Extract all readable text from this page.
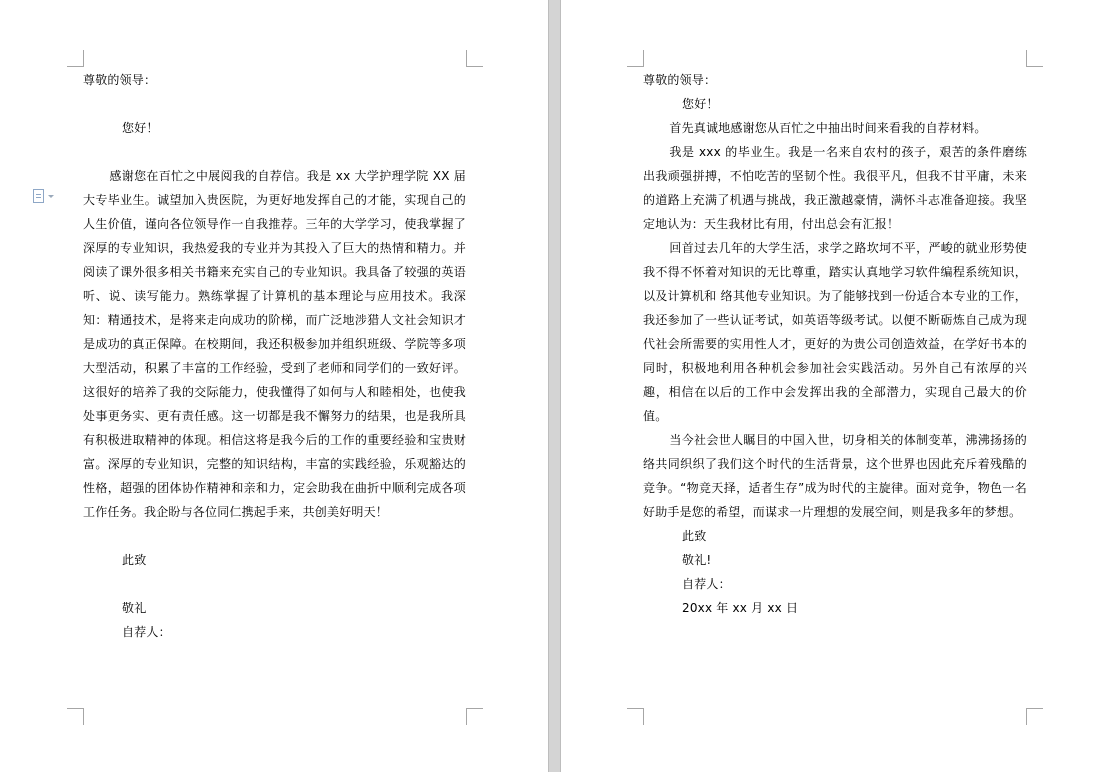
尊敬的领导：

您好！

感谢您在百忙之中展阅我的自荐信。我是 xx 大学护理学院 XX 届大专毕业生。诚望加入贵医院，为更好地发挥自己的才能，实现自己的人生价值，谨向各位领导作一自我推荐。三年的大学学习，使我掌握了深厚的专业知识，我热爱我的专业并为其投入了巨大的热情和精力。并阅读了课外很多相关书籍来充实自己的专业知识。我具备了较强的英语听、说、读写能力。熟练掌握了计算机的基本理论与应用技术。我深知：精通技术，是将来走向成功的阶梯，而广泛地涉猎人文社会知识才是成功的真正保障。在校期间，我还积极参加并组织班级、学院等多项大型活动，积累了丰富的工作经验，受到了老师和同学们的一致好评。这很好的培养了我的交际能力，使我懂得了如何与人和睦相处，也使我处事更务实、更有责任感。这一切都是我不懈努力的结果，也是我所具有积极进取精神的体现。相信这将是我今后的工作的重要经验和宝贵财富。深厚的专业知识，完整的知识结构，丰富的实践经验，乐观豁达的性格，超强的团体协作精神和亲和力，定会助我在曲折中顺利完成各项工作任务。我企盼与各位同仁携起手来，共创美好明天！

此致

敬礼

自荐人：

尊敬的领导：

您好！

首先真诚地感谢您从百忙之中抽出时间来看我的自荐材料。

我是 xxx 的毕业生。我是一名来自农村的孩子，艰苦的条件磨练出我顽强拼搏，不怕吃苦的坚韧个性。我很平凡，但我不甘平庸，未来的道路上充满了机遇与挑战，我正激越豪情，满怀斗志准备迎接。我坚定地认为：天生我材比有用，付出总会有汇报！

回首过去几年的大学生活，求学之路坎坷不平，严峻的就业形势使我不得不怀着对知识的无比尊重，踏实认真地学习软件编程系统知识，以及计算机和 络其他专业知识。为了能够找到一份适合本专业的工作，我还参加了一些认证考试，如英语等级考试。以便不断砺炼自己成为现代社会所需要的实用性人才，更好的为贵公司创造效益，在学好书本的同时，积极地利用各种机会参加社会实践活动。另外自己有浓厚的兴趣，相信在以后的工作中会发挥出我的全部潜力，实现自己最大的价值。

当今社会世人瞩目的中国入世，切身相关的体制变革，沸沸扬扬的 络共同织织了我们这个时代的生活背景，这个世界也因此充斥着残酷的竞争。“物竞天择，适者生存”成为时代的主旋律。面对竞争，物色一名好助手是您的希望，而谋求一片理想的发展空间，则是我多年的梦想。

此致

敬礼!

自荐人：

20xx 年 xx 月 xx 日
